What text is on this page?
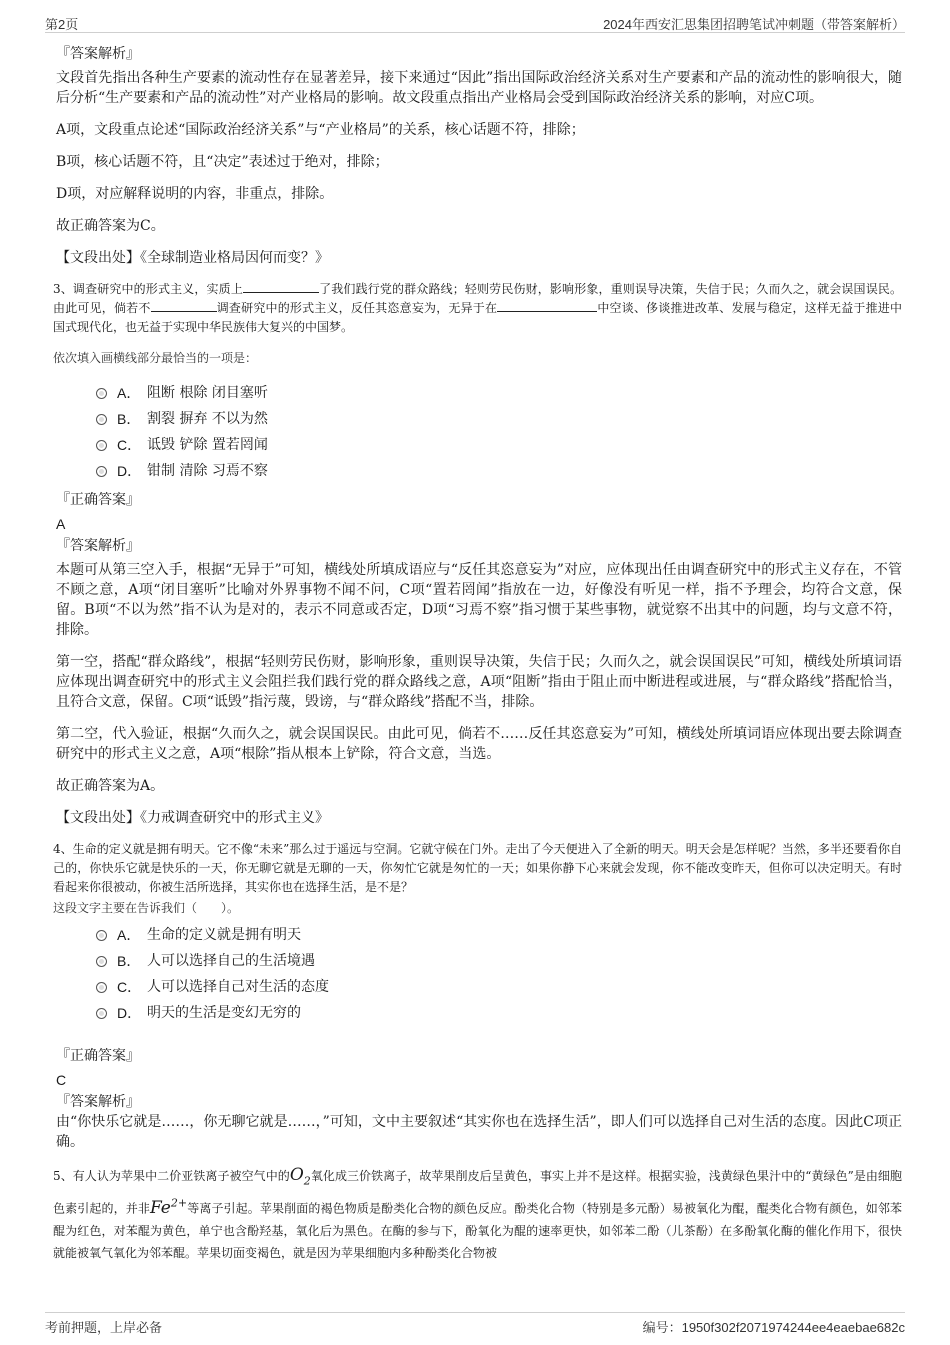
第2页	2024年西安汇思集团招聘笔试冲刺题（带答案解析）
『答案解析』

文段首先指出各种生产要素的流动性存在显著差异，接下来通过“因此”指出国际政治经济关系对生产要素和产品的流动性的影响很大，随后分析“生产要素和产品的流动性”对产业格局的影响。故文段重点指出产业格局会受到国际政治经济关系的影响，对应C项。

A项，文段重点论述“国际政治经济关系”与“产业格局”的关系，核心话题不符，排除；

B项，核心话题不符，且“决定”表述过于绝对，排除；

D项，对应解释说明的内容，非重点，排除。

故正确答案为C。

【文段出处】《全球制造业格局因何而变？》

3、调查研究中的形式主义，实质上	了我们践行党的群众路线；轻则劳民伤财，影响形象，重则误导决策，失信于民；久而久之，就会误国误民。由此可见，倘若不	调查研究中的形式主义，反任其恣意妄为，无异于在	中空谈、侈谈推进改革、发展与稳定，这样无益于推进中国式现代化，也无益于实现中华民族伟大复兴的中国梦。

依次填入画横线部分最恰当的一项是：

A． 阻断 根除 闭目塞听
B． 割裂 摒弃 不以为然
C． 诋毁 铲除 置若罔闻
D． 钳制 清除 习焉不察
『正确答案』
A
『答案解析』

本题可从第三空入手，根据“无异于”可知，横线处所填成语应与“反任其恣意妄为”对应，应体现出任由调查研究中的形式主义存在，不管不顾之意，A项“闭目塞听”比喻对外界事物不闻不问，C项“置若罔闻”指放在一边，好像没有听见一样，指不予理会，均符合文意，保留。B项“不以为然”指不认为是对的，表示不同意或否定，D项“习焉不察”指习惯于某些事物，就觉察不出其中的问题，均与文意不符，排除。

第一空，搭配“群众路线”，根据“轻则劳民伤财，影响形象，重则误导决策，失信于民；久而久之，就会误国误民”可知，横线处所填词语应体现出调查研究中的形式主义会阻拦我们践行党的群众路线之意，A项“阻断”指由于阻止而中断进程或进展，与“群众路线”搭配恰当，且符合文意，保留。C项“诋毁”指污蔑，毁谤，与“群众路线”搭配不当，排除。

第二空，代入验证，根据“久而久之，就会误国误民。由此可见，倘若不……反任其恣意妄为”可知，横线处所填词语应体现出要去除调查研究中的形式主义之意，A项“根除”指从根本上铲除，符合文意，当选。

故正确答案为A。

【文段出处】《力戒调查研究中的形式主义》

4、生命的定义就是拥有明天。它不像“未来”那么过于遥远与空洞。它就守候在门外。走出了今天便进入了全新的明天。明天会是怎样呢？当然，多半还要看你自己的，你快乐它就是快乐的一天，你无聊它就是无聊的一天，你匆忙它就是匆忙的一天；如果你静下心来就会发现，你不能改变昨天，但你可以决定明天。有时看起来你很被动，你被生活所选择，其实你也在选择生活，是不是？

这段文字主要在告诉我们（　　）。

A． 生命的定义就是拥有明天
B． 人可以选择自己的生活境遇
C． 人可以选择自己对生活的态度
D． 明天的生活是变幻无穷的
『正确答案』
C
『答案解析』

由“你快乐它就是……，你无聊它就是……，”可知，文中主要叙述“其实你也在选择生活”，即人们可以选择自己对生活的态度。因此C项正确。

5、有人认为苹果中二价亚铁离子被空气中的$O_2$氧化成三价铁离子，故苹果削皮后呈黄色，事实上并不是这样。根据实验，浅黄绿色果汁中的“黄绿色”是由细胞色素引起的，并非$Fe^{2+}$等离子引起。苹果削面的褐色物质是酚类化合物的颜色反应。酚类化合物（特别是多元酚）易被氧化为醌，醌类化合物有颜色，如邻苯醌为红色，对苯醌为黄色，单宁也含酚羟基，氧化后为黑色。在酶的参与下，酚氧化为醌的速率更快，如邻苯二酚（儿茶酚）在多酚氧化酶的催化作用下，很快就能被氧气氧化为邻苯醌。苹果切面变褐色，就是因为苹果细胞内多种酚类化合物被

考前押题，上岸必备	编号：1950f302f2071974244ee4eaebae682c
